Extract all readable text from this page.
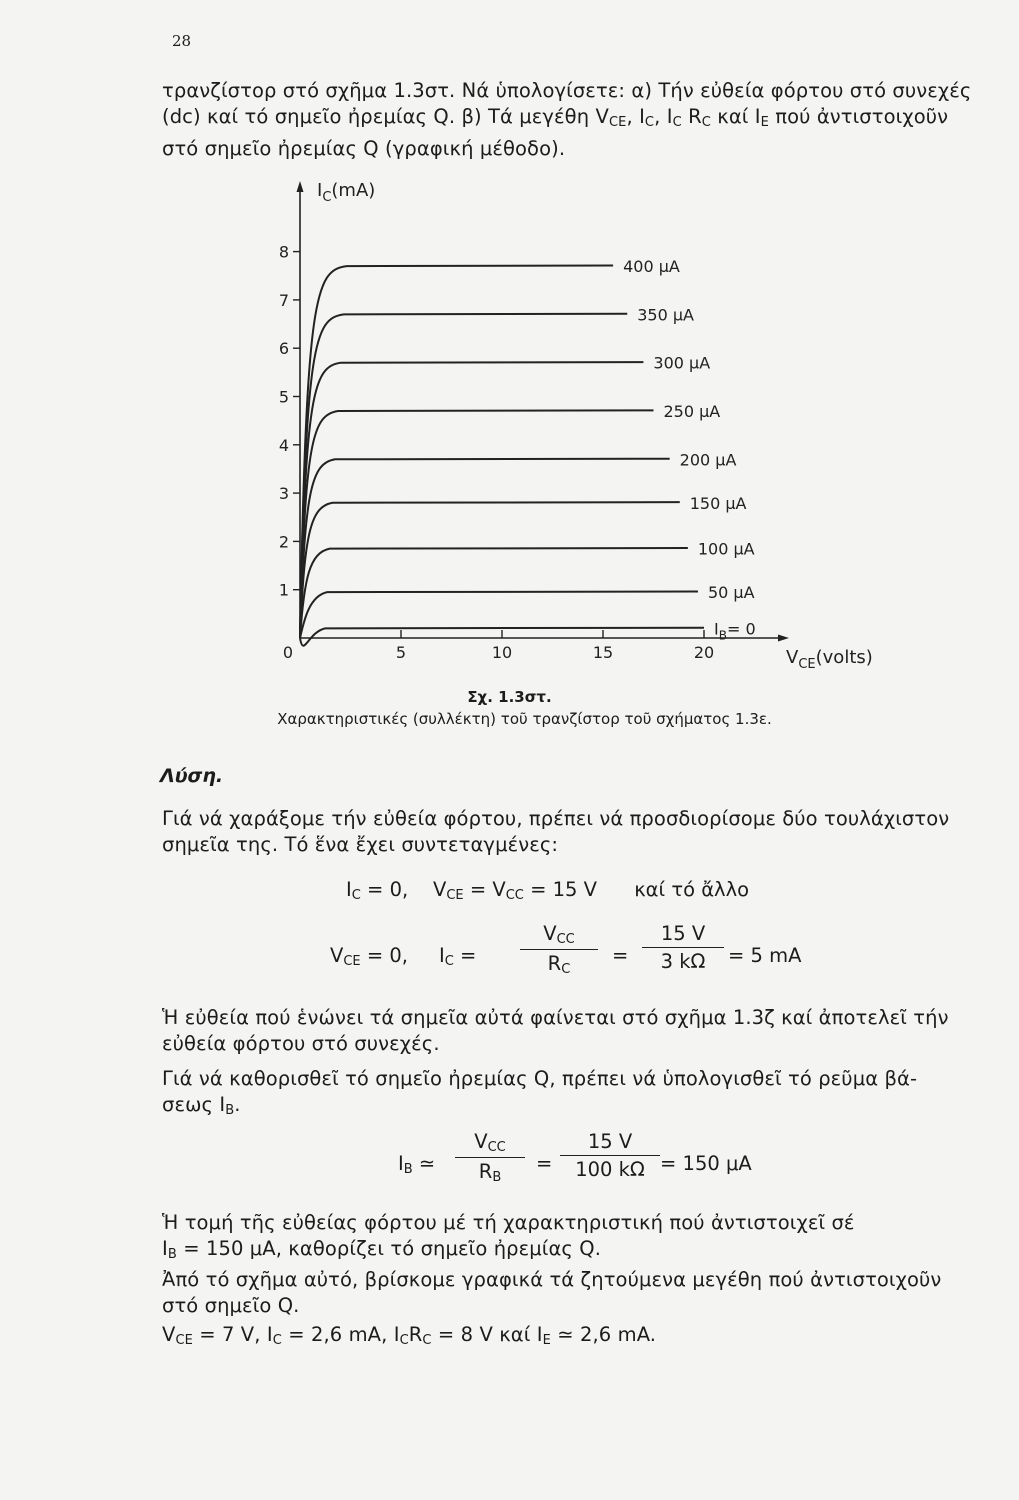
28
τρανζίστορ στό σχῆμα 1.3στ. Νά ὑπολογίσετε: α) Τήν εὐθεία φόρτου στό συνεχές
(dc) καί τό σημεῖο ἠρεμίας Q. β) Τά μεγέθη $V_{CE}$, $I_C$, $I_C$ $R_C$ καί $I_E$ πού ἀντιστοιχοῦν
στό σημεῖο ἠρεμίας Q (γραφική μέθοδο).
1
2
3
4
5
6
7
8
0	5	10	15	20
400 μA
350 μA
300 μA
250 μA
200 μA
150 μA
100 μA
50 μA
$I_B= 0$
$I_C(mA)$
$V_{CE}(volts)$
Σχ. 1.3στ.
Χαρακτηριστικές (συλλέκτη) τοῦ τρανζίστορ τοῦ σχήματος 1.3ε.
Λύση.
Γιά νά χαράξομε τήν εὐθεία φόρτου, πρέπει νά προσδιορίσομε δύο τουλάχιστον
σημεῖα της. Τό ἕνα ἔχει συντεταγμένες:
$I_C = 0$, $V_{CE} = V_{CC} = 15$ V καί τό ἄλλο
$V_{CE} = 0$, $I_C$ =
$V_{CC}$
$R_C$
= $\frac{15 V}{3 k\Omega} = 5$ mA
Ἡ εὐθεία πού ἑνώνει τά σημεῖα αὐτά φαίνεται στό σχῆμα 1.3ζ καί ἀποτελεῖ τήν
εὐθεία φόρτου στό συνεχές.
Γιά νά καθορισθεῖ τό σημεῖο ἠρεμίας Q, πρέπει νά ὑπολογισθεῖ τό ρεῦμα βά-
σεως $I_B$.
$I_B$ ≃
$V_{CC}$
$R_B$
= $\frac{15 V}{100 k\Omega} = 150$ μA
Ἡ τομή τῆς εὐθείας φόρτου μέ τή χαρακτηριστική πού ἀντιστοιχεῖ σέ
$I_B = 150$ μA, καθορίζει τό σημεῖο ἠρεμίας Q.
Ἀπό τό σχῆμα αὐτό, βρίσκομε γραφικά τά ζητούμενα μεγέθη πού ἀντιστοιχοῦν
στό σημεῖο Q.
$V_{CE} = 7$ V, $I_C = 2,6$ mA, $I_CR_C = 8$ V καί $I_E$ ≃ 2,6 mA.
